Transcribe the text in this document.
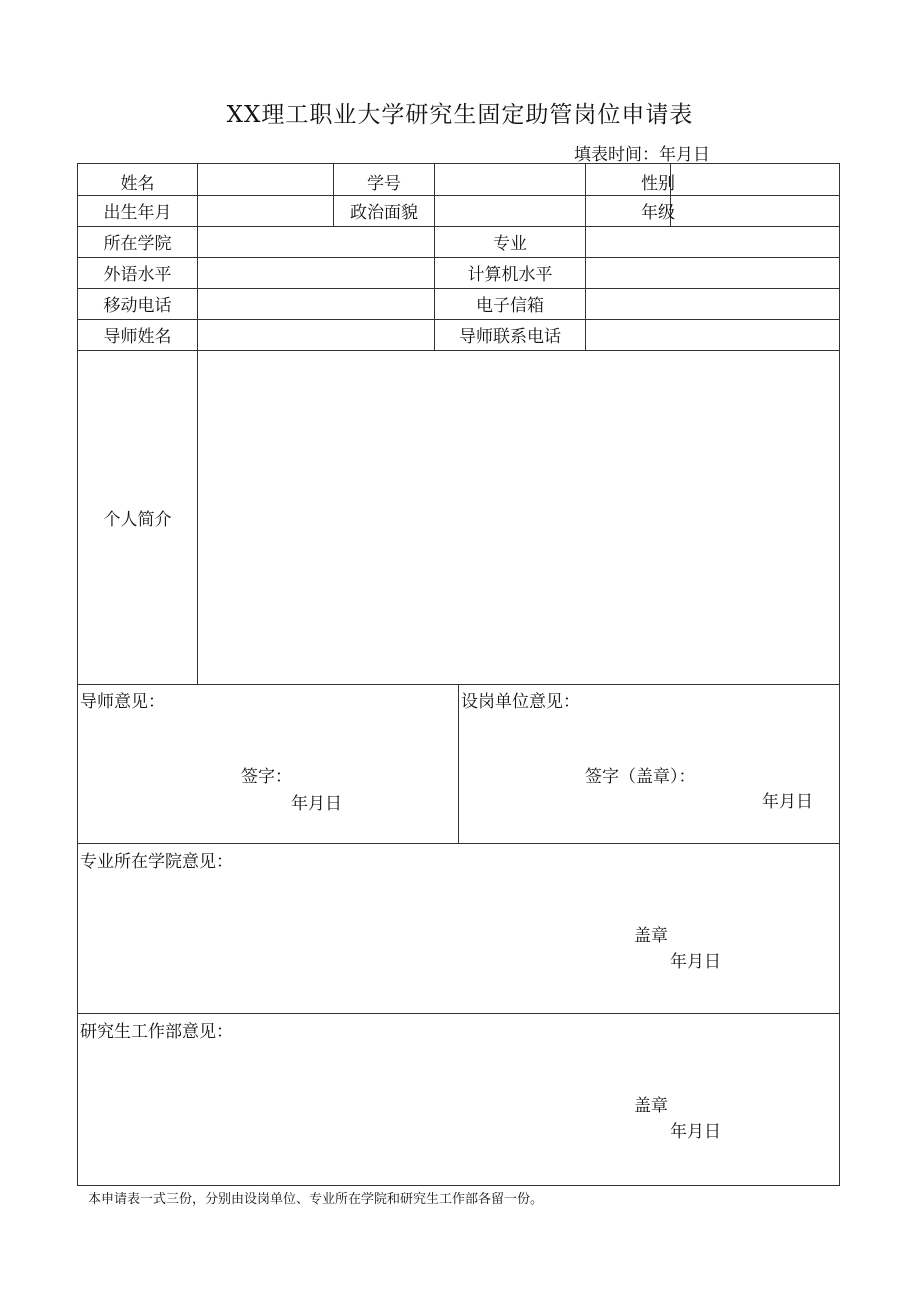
XX理工职业大学研究生固定助管岗位申请表
填表时间：年月日
姓名	学号	性别
出生年月	政治面貌	年级
所在学院	专业
外语水平	计算机水平
移动电话	电子信箱
导师姓名	导师联系电话
个人简介
导师意见：
签字：
年月日
设岗单位意见：
签字（盖章）：
年月日
专业所在学院意见：
盖章
年月日
研究生工作部意见：
盖章
年月日
本申请表一式三份，分别由设岗单位、专业所在学院和研究生工作部各留一份。
